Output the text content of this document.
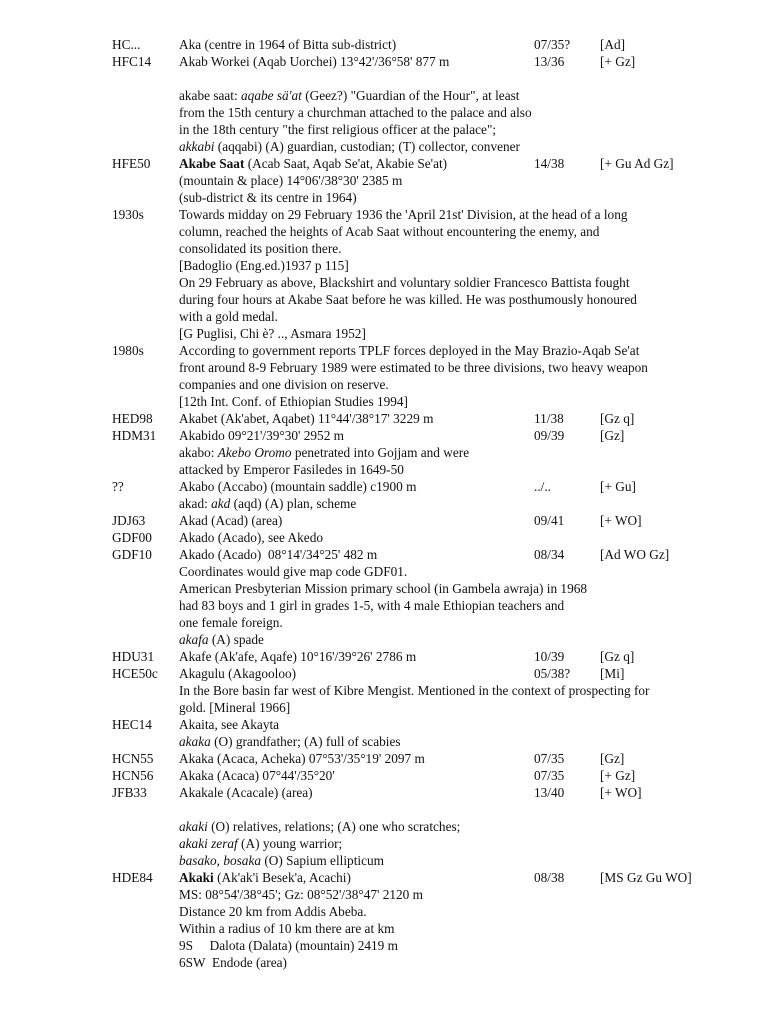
HC...	Aka (centre in 1964 of Bitta sub-district)	07/35? [Ad]
HFC14 Akab Workei (Aqab Uorchei) 13°42'/36°58' 877 m	13/36	[+ Gz]
akabe saat: aqabe sä'at (Geez?) "Guardian of the Hour", at least
from the 15th century a churchman attached to the palace and also
in the 18th century "the first religious officer at the palace";
akkabi (aqqabi) (A) guardian, custodian; (T) collector, convener
HFE50 Akabe Saat (Acab Saat, Aqab Se'at, Akabie Se'at)	14/38	[+ Gu Ad Gz]
(mountain & place) 14°06'/38°30' 2385 m
(sub-district & its centre in 1964)
1930s	Towards midday on 29 February 1936 the 'April 21st' Division, at the head of a long
column, reached the heights of Acab Saat without encountering the enemy, and
consolidated its position there.
[Badoglio (Eng.ed.)1937 p 115]
On 29 February as above, Blackshirt and voluntary soldier Francesco Battista fought
during four hours at Akabe Saat before he was killed. He was posthumously honoured
with a gold medal.
[G Puglisi, Chi è? .., Asmara 1952]
1980s	According to government reports TPLF forces deployed in the May Brazio-Aqab Se'at
front around 8-9 February 1989 were estimated to be three divisions, two heavy weapon
companies and one division on reserve.
[12th Int. Conf. of Ethiopian Studies 1994]
HED98 Akabet (Ak'abet, Aqabet) 11°44'/38°17' 3229 m	11/38	[Gz q]
HDM31 Akabido 09°21'/39°30' 2952 m	09/39	[Gz]
akabo: Akebo Oromo penetrated into Gojjam and were
attacked by Emperor Fasiledes in 1649-50
??	Akabo (Accabo) (mountain saddle) c1900 m	../..	[+ Gu]
akad: akd (aqd) (A) plan, scheme
JDJ63	Akad (Acad) (area)	09/41	[+ WO]
GDF00 Akado (Acado), see Akedo
GDF10 Akado (Acado)  08°14'/34°25' 482 m	08/34	[Ad WO Gz]
Coordinates would give map code GDF01.
American Presbyterian Mission primary school (in Gambela awraja) in 1968
had 83 boys and 1 girl in grades 1-5, with 4 male Ethiopian teachers and
one female foreign.
akafa (A) spade
HDU31 Akafe (Ak'afe, Aqafe) 10°16'/39°26' 2786 m	10/39	[Gz q]
HCE50c Akagulu (Akagooloo)	05/38? [Mi]
In the Bore basin far west of Kibre Mengist. Mentioned in the context of prospecting for
gold. [Mineral 1966]
HEC14 Akaita, see Akayta
akaka (O) grandfather; (A) full of scabies
HCN55 Akaka (Acaca, Acheka) 07°53'/35°19' 2097 m	07/35	[Gz]
HCN56 Akaka (Acaca) 07°44'/35°20'	07/35	[+ Gz]
JFB33 Akakale (Acacale) (area)	13/40	[+ WO]
akaki (O) relatives, relations; (A) one who scratches;
akaki zeraf (A) young warrior;
basako, bosaka (O) Sapium ellipticum
HDE84 Akaki (Ak'ak'i Besek'a, Acachi)	08/38	[MS Gz Gu WO]
MS: 08°54'/38°45'; Gz: 08°52'/38°47' 2120 m
Distance 20 km from Addis Abeba.
Within a radius of 10 km there are at km
9S     Dalota (Dalata) (mountain) 2419 m
6SW  Endode (area)
